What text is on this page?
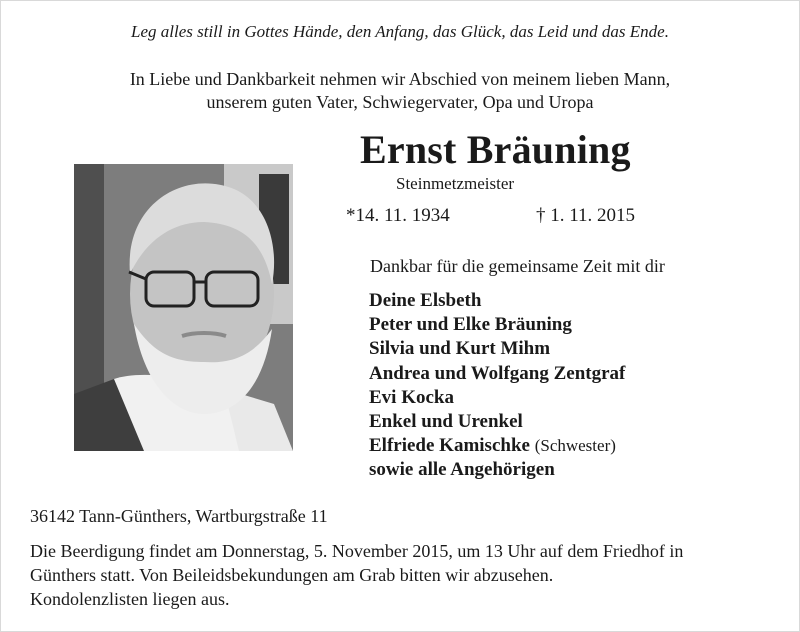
Leg alles still in Gottes Hände, den Anfang, das Glück, das Leid und das Ende.
In Liebe und Dankbarkeit nehmen wir Abschied von meinem lieben Mann,
unserem guten Vater, Schwiegervater, Opa und Uropa
Ernst Bräuning
Steinmetzmeister
*14. 11. 1934	† 1. 11. 2015
Dankbar für die gemeinsame Zeit mit dir
Deine Elsbeth
Peter und Elke Bräuning
Silvia und Kurt Mihm
Andrea und Wolfgang Zentgraf
Evi Kocka
Enkel und Urenkel
Elfriede Kamischke (Schwester)
sowie alle Angehörigen
36142 Tann-Günthers, Wartburgstraße 11
Die Beerdigung findet am Donnerstag, 5. November 2015, um 13 Uhr auf dem Friedhof in
Günthers statt. Von Beileidsbekundungen am Grab bitten wir abzusehen.
Kondolenzlisten liegen aus.
